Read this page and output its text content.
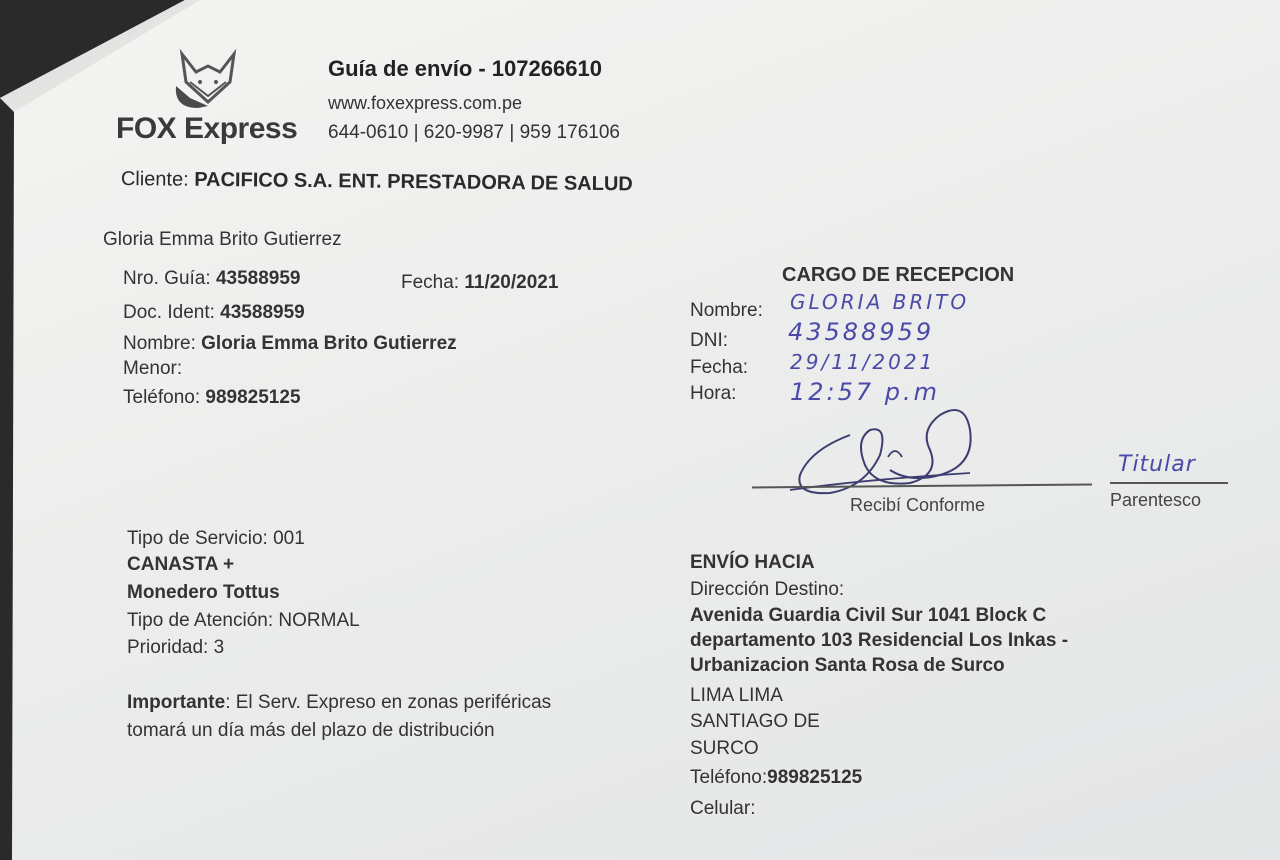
FOX Express
Guía de envío - 107266610
www.foxexpress.com.pe
644-0610 | 620-9987 | 959 176106
Cliente: PACIFICO S.A. ENT. PRESTADORA DE SALUD
Gloria Emma Brito Gutierrez
Nro. Guía: 43588959	Fecha: 11/20/2021
Doc. Ident: 43588959
Nombre: Gloria Emma Brito Gutierrez
Menor:
Teléfono: 989825125
CARGO DE RECEPCION
Nombre: GLORIA BRITO
DNI:	43588959
Fecha: 29/11/2021
Hora: 12:57 p.m
Recibí Conforme
Titular
Parentesco
Tipo de Servicio: 001
CANASTA +
Monedero Tottus
Tipo de Atención: NORMAL
Prioridad: 3
Importante: El Serv. Expreso en zonas periféricas
tomará un día más del plazo de distribución
ENVÍO HACIA
Dirección Destino:
Avenida Guardia Civil Sur 1041 Block C
departamento 103 Residencial Los Inkas -
Urbanizacion Santa Rosa de Surco
LIMA LIMA
SANTIAGO DE
SURCO
Teléfono:989825125
Celular:
